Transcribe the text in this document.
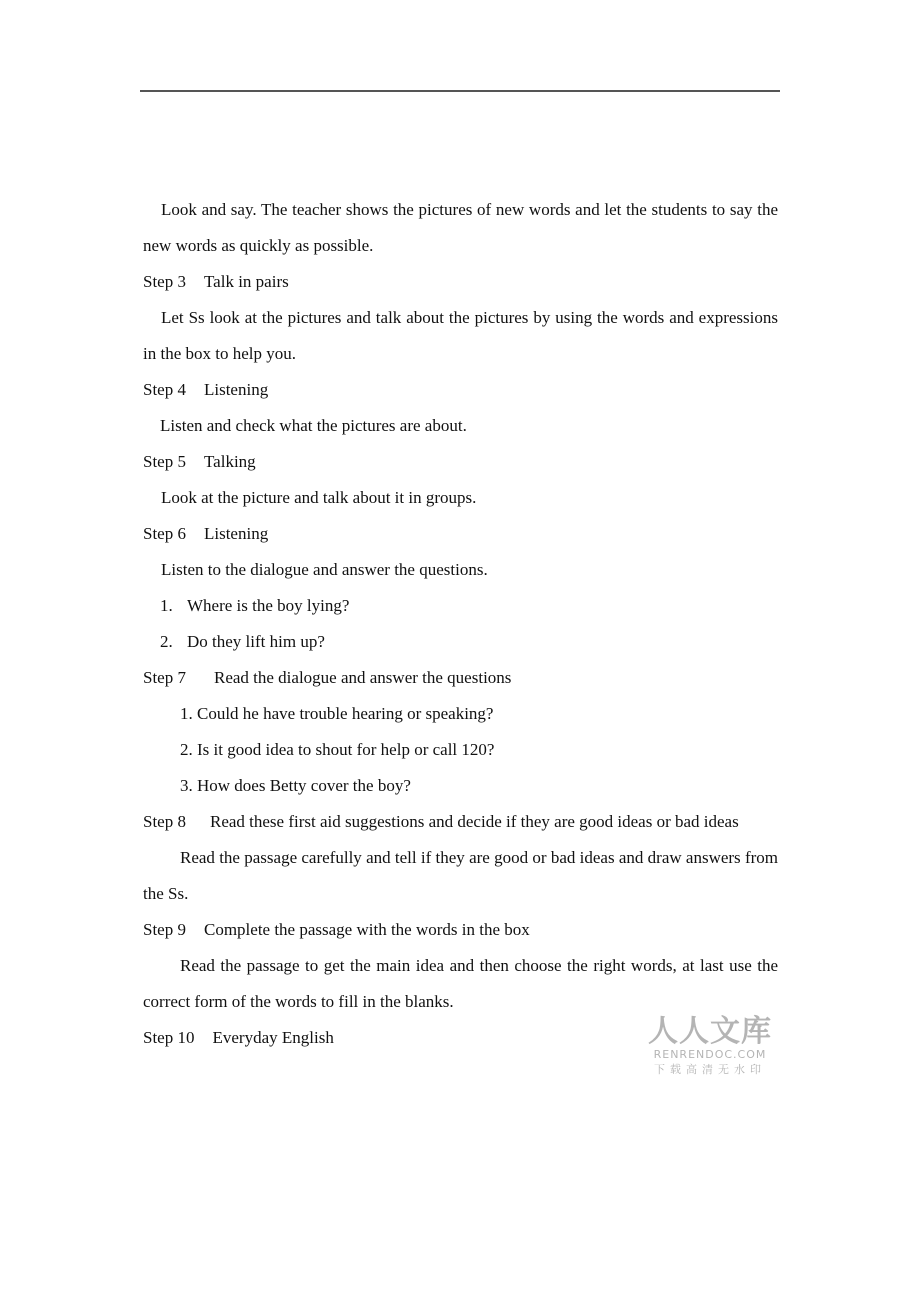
Look and say. The teacher shows the pictures of new words and let the students to say the new words as quickly as possible.

Step 3 Talk in pairs

Let Ss look at the pictures and talk about the pictures by using the words and expressions in the box to help you.

Step 4 Listening

Listen and check what the pictures are about.

Step 5 Talking

Look at the picture and talk about it in groups.

Step 6 Listening

Listen to the dialogue and answer the questions.

1. Where is the boy lying?
2. Do they lift him up?
Step 7 Read the dialogue and answer the questions
1. Could he have trouble hearing or speaking?
2. Is it good idea to shout for help or call 120?
3. How does Betty cover the boy?
Step 8 Read these first aid suggestions and decide if they are good ideas or bad ideas

Read the passage carefully and tell if they are good or bad ideas and draw answers from the Ss.

Step 9 Complete the passage with the words in the box

Read the passage to get the main idea and then choose the right words, at last use the correct form of the words to fill in the blanks.

Step 10 Everyday English	人人文库
RENRENDOC.COM
下载高清无水印
